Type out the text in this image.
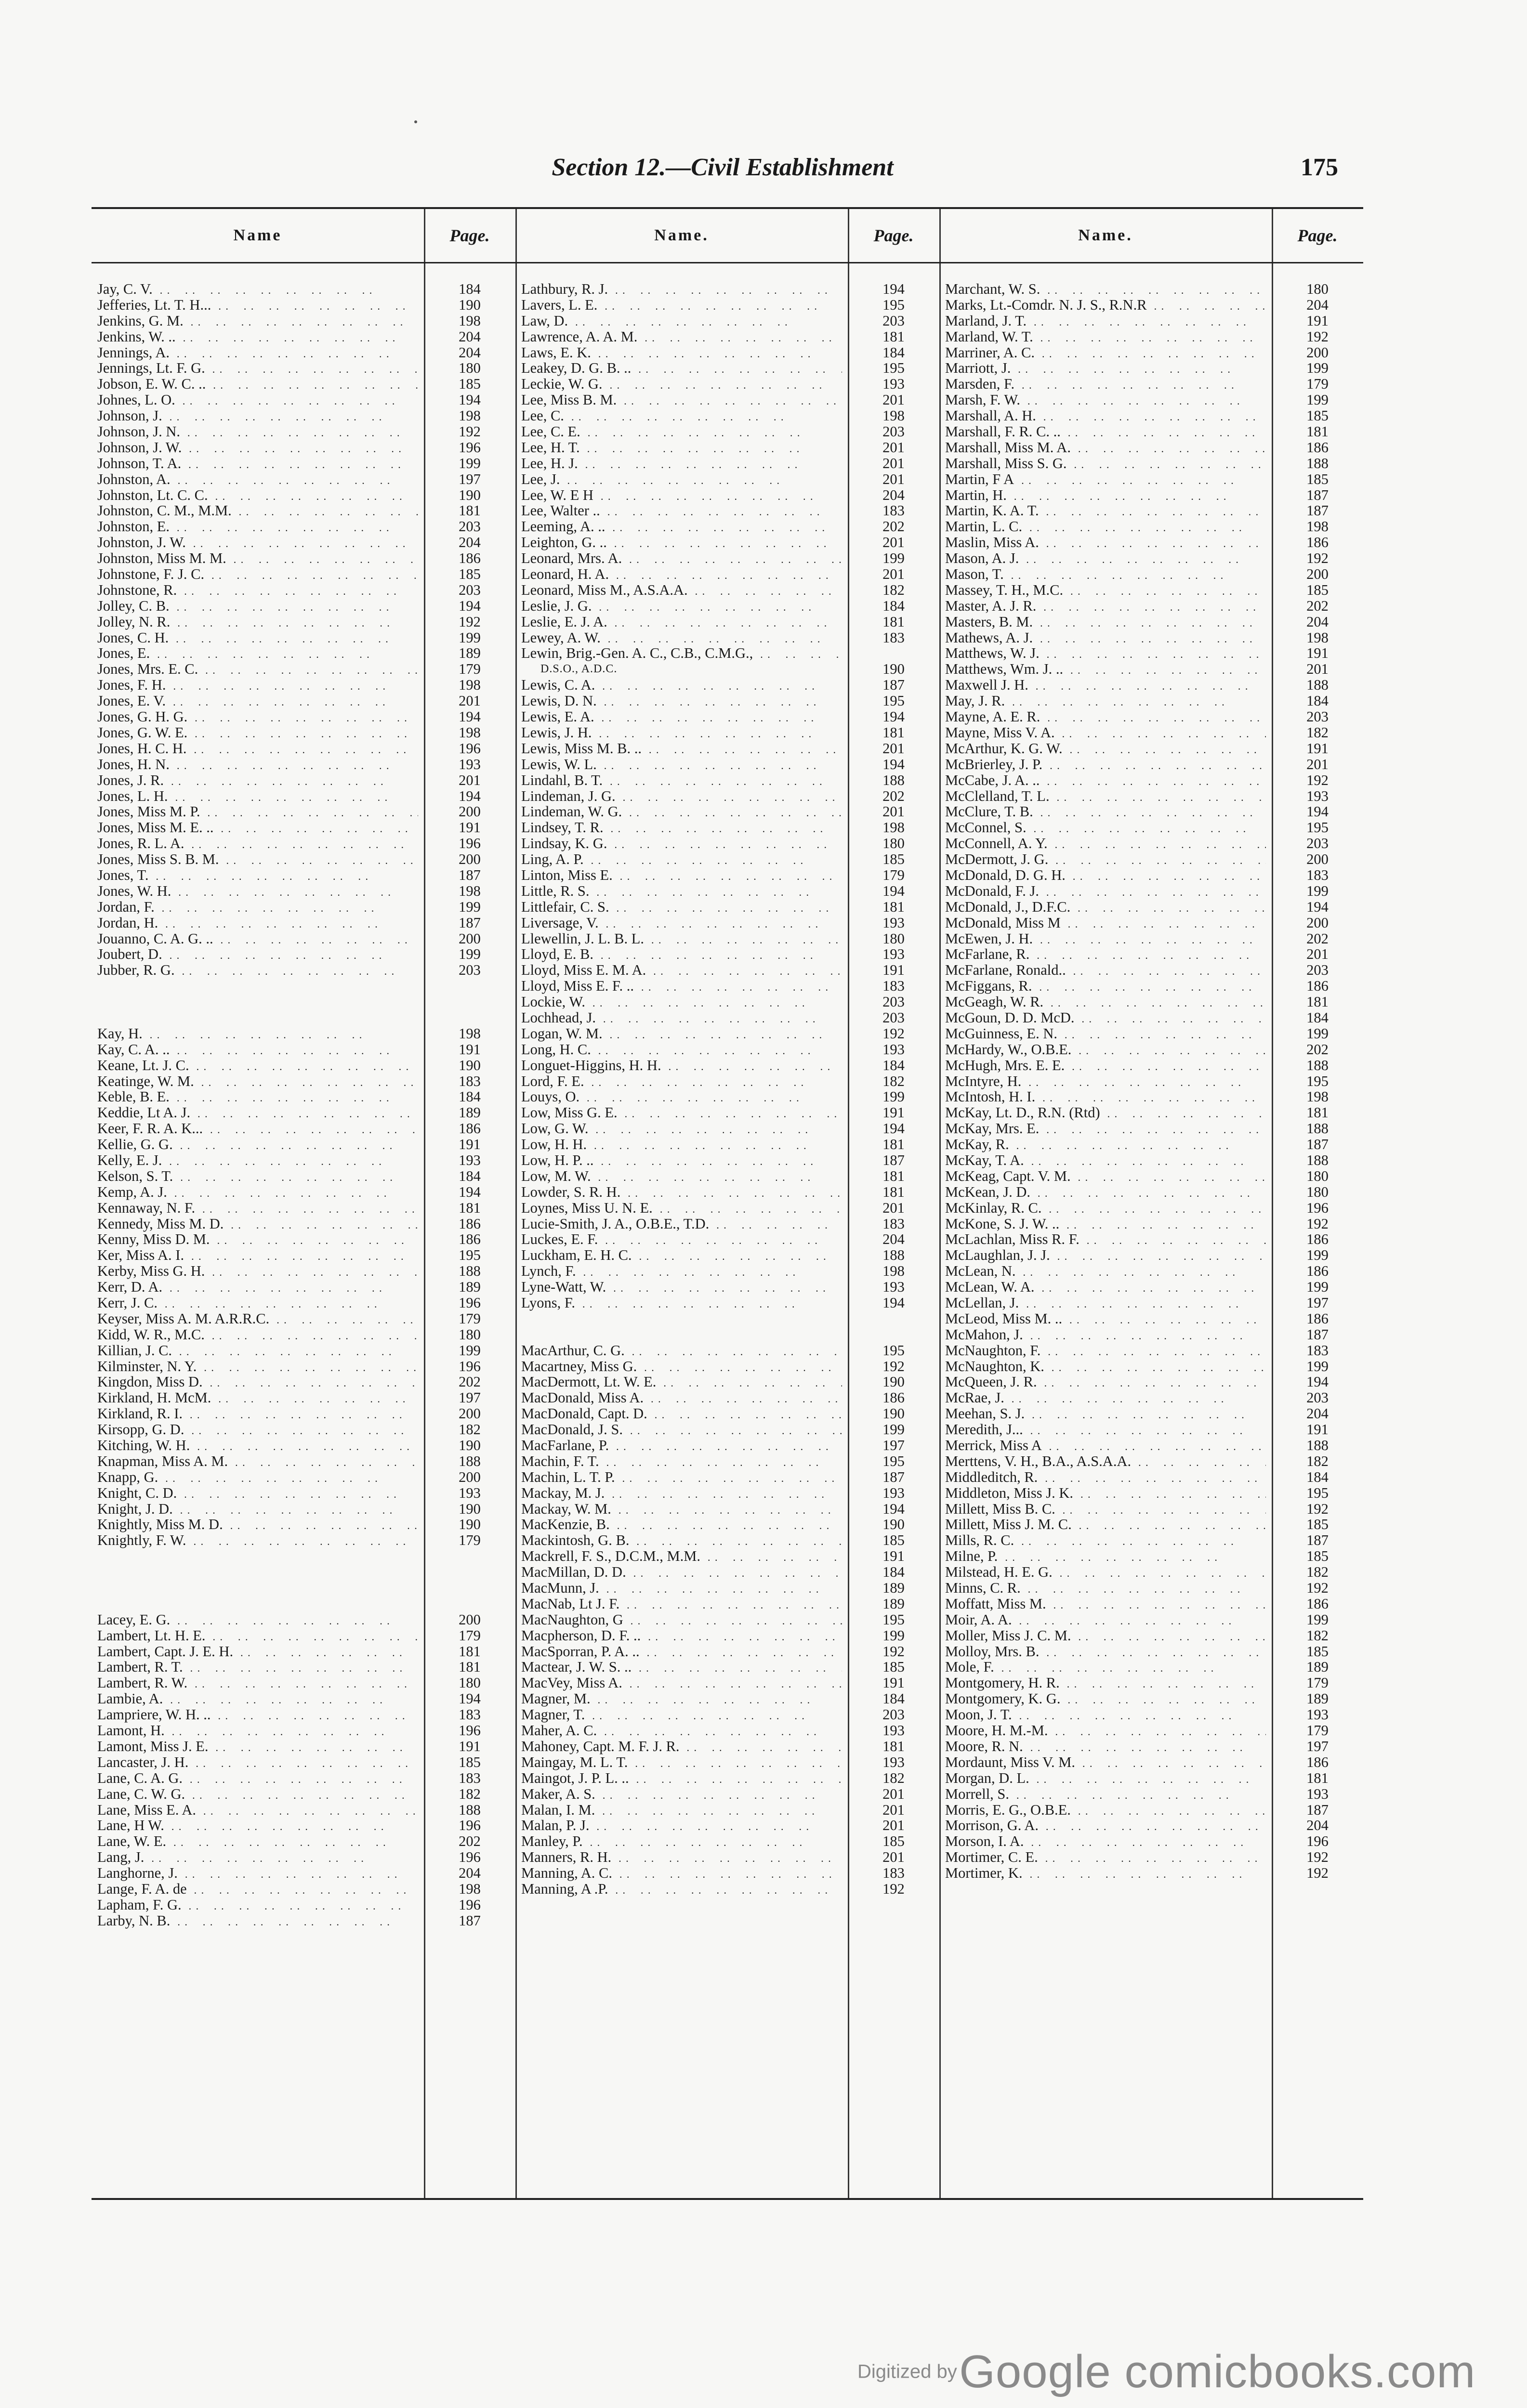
Section 12.—Civil Establishment	175
Name	Page.
Jay, C. V. . .	184
Jefferies, Lt. T. H... . .	190
Jenkins, G. M. . .	198
Jenkins, W. .. . .	204
Jennings, A. . .	204
Jennings, Lt. F. G. . .	180
Jobson, E. W. C. .. . .	185
Johnes, L. O. . .	194
Johnson, J. . .	198
Johnson, J. N. . .	192
Johnson, J. W. . .	196
Johnson, T. A. . .	199
Johnston, A. . .	197
Johnston, Lt. C. C. . .	190
Johnston, C. M., M.M. . .	181
Johnston, E. . .	203
Johnston, J. W. . .	204
Johnston, Miss M. M. . .	186
Johnstone, F. J. C. . .	185
Johnstone, R. . .	203
Jolley, C. B. . .	194
Jolley, N. R. . .	192
Jones, C. H. . .	199
Jones, E. . .	189
Jones, Mrs. E. C. . .	179
Jones, F. H. . .	198
Jones, E. V. . .	201
Jones, G. H. G. . .	194
Jones, G. W. E. . .	198
Jones, H. C. H. . .	196
Jones, H. N. . .	193
Jones, J. R. . .	201
Jones, L. H. . .	194
Jones, Miss M. P. . .	200
Jones, Miss M. E. .. . .	191
Jones, R. L. A. . .	196
Jones, Miss S. B. M. . .	200
Jones, T. . .	187
Jones, W. H. . .	198
Jordan, F. . .	199
Jordan, H. . .	187
Jouanno, C. A. G. .. . .	200
Joubert, D. . .	199
Jubber, R. G. . .	203
Kay, H. . .	198
Kay, C. A. .. . .	191
Keane, Lt. J. C. . .	190
Keatinge, W. M. . .	183
Keble, B. E. . .	184
Keddie, Lt A. J. . .	189
Keer, F. R. A. K... . .	186
Kellie, G. G. . .	191
Kelly, E. J. . .	193
Kelson, S. T. . .	184
Kemp, A. J. . .	194
Kennaway, N. F. . .	181
Kennedy, Miss M. D. . .	186
Kenny, Miss D. M. . .	186
Ker, Miss A. I. . .	195
Kerby, Miss G. H. . .	188
Kerr, D. A. . .	189
Kerr, J. C. . .	196
Keyser, Miss A. M. A.R.R.C. . .	179
Kidd, W. R., M.C. . .	180
Killian, J. C. . .	199
Kilminster, N. Y. . .	196
Kingdon, Miss D. . .	202
Kirkland, H. McM. . .	197
Kirkland, R. I. . .	200
Kirsopp, G. D. . .	182
Kitching, W. H. . .	190
Knapman, Miss A. M. . .	188
Knapp, G. . .	200
Knight, C. D. . .	193
Knight, J. D. . .	190
Knightly, Miss M. D. . .	190
Knightly, F. W. . .	179
Lacey, E. G. . .	200
Lambert, Lt. H. E. . .	179
Lambert, Capt. J. E. H. . .	181
Lambert, R. T. . .	181
Lambert, R. W. . .	180
Lambie, A. . .	194
Lampriere, W. H. .. . .	183
Lamont, H. . .	196
Lamont, Miss J. E. . .	191
Lancaster, J. H. . .	185
Lane, C. A. G. . .	183
Lane, C. W. G. . .	182
Lane, Miss E. A. . .	188
Lane, H W. . .	196
Lane, W. E. . .	202
Lang, J. . .	196
Langhorne, J. . .	204
Lange, F. A. de . .	198
Lapham, F. G. . .	196
Larby, N. B. . .	187
Name.	Page.
Lathbury, R. J. . .	194
Lavers, L. E. . .	195
Law, D. . .	203
Lawrence, A. A. M. . .	181
Laws, E. K. . .	184
Leakey, D. G. B. .. . .	195
Leckie, W. G. . .	193
Lee, Miss B. M. . .	201
Lee, C. . .	198
Lee, C. E. . .	203
Lee, H. T. . .	201
Lee, H. J. . .	201
Lee, J. . .	201
Lee, W. E H . .	204
Lee, Walter .. . .	183
Leeming, A. .. . .	202
Leighton, G. .. . .	201
Leonard, Mrs. A. . .	199
Leonard, H. A. . .	201
Leonard, Miss M., A.S.A.A. . .	182
Leslie, J. G. . .	184
Leslie, E. J. A. . .	181
Lewey, A. W. . .	183
Lewin, Brig.-Gen. A. C., C.B., C.M.G., . .
D.S.O., A.D.C.	190
Lewis, C. A. . .	187
Lewis, D. N. . .	195
Lewis, E. A. . .	194
Lewis, J. H. . .	181
Lewis, Miss M. B. .. . .	201
Lewis, W. L. . .	194
Lindahl, B. T. . .	188
Lindeman, J. G. . .	202
Lindeman, W. G. . .	201
Lindsey, T. R. . .	198
Lindsay, K. G. . .	180
Ling, A. P. . .	185
Linton, Miss E. . .	179
Little, R. S. . .	194
Littlefair, C. S. . .	181
Liversage, V. . .	193
Llewellin, J. L. B. L. . .	180
Lloyd, E. B. . .	193
Lloyd, Miss E. M. A. . .	191
Lloyd, Miss E. F. .. . .	183
Lockie, W. . .	203
Lochhead, J. . .	203
Logan, W. M. . .	192
Long, H. C. . .	193
Longuet-Higgins, H. H. . .	184
Lord, F. E. . .	182
Louys, O. . .	199
Low, Miss G. E. . .	191
Low, G. W. . .	194
Low, H. H. . .	181
Low, H. P. .. . .	187
Low, M. W. . .	181
Lowder, S. R. H. . .	181
Loynes, Miss U. N. E. . .	201
Lucie-Smith, J. A., O.B.E., T.D. . .	183
Luckes, E. F. . .	204
Luckham, E. H. C. . .	188
Lynch, F. . .	198
Lyne-Watt, W. . .	193
Lyons, F. . .	194
MacArthur, C. G. . .	195
Macartney, Miss G. . .	192
MacDermott, Lt. W. E. . .	190
MacDonald, Miss A. . .	186
MacDonald, Capt. D. . .	190
MacDonald, J. S. . .	199
MacFarlane, P. . .	197
Machin, F. T. . .	195
Machin, L. T. P. . .	187
Mackay, M. J. . .	193
Mackay, W. M. . .	194
MacKenzie, B. . .	190
Mackintosh, G. B. . .	185
Mackrell, F. S., D.C.M., M.M. . .	191
MacMillan, D. D. . .	184
MacMunn, J. . .	189
MacNab, Lt J. F. . .	189
MacNaughton, G . .	195
Macpherson, D. F. .. . .	199
MacSporran, P. A. .. . .	192
Mactear, J. W. S. .. . .	185
MacVey, Miss A. . .	191
Magner, M. . .	184
Magner, T. . .	203
Maher, A. C. . .	193
Mahoney, Capt. M. F. J. R. . .	181
Maingay, M. L. T. . .	193
Maingot, J. P. L. .. . .	182
Maker, A. S. . .	201
Malan, I. M. . .	201
Malan, P. J. . .	201
Manley, P. . .	185
Manners, R. H. . .	201
Manning, A. C. . .	183
Manning, A .P. . .	192
Name.	Page.
Marchant, W. S. . .	180
Marks, Lt.-Comdr. N. J. S., R.N.R . .	204
Marland, J. T. . .	191
Marland, W. T. . .	192
Marriner, A. C. . .	200
Marriott, J. . .	199
Marsden, F. . .	179
Marsh, F. W. . .	199
Marshall, A. H. . .	185
Marshall, F. R. C. .. . .	181
Marshall, Miss M. A. . .	186
Marshall, Miss S. G. . .	188
Martin, F A . .	185
Martin, H. . .	187
Martin, K. A. T. . .	187
Martin, L. C. . .	198
Maslin, Miss A. . .	186
Mason, A. J. . .	192
Mason, T. . .	200
Massey, T. H., M.C. . .	185
Master, A. J. R. . .	202
Masters, B. M. . .	204
Mathews, A. J. . .	198
Matthews, W. J. . .	191
Matthews, Wm. J. .. . .	201
Maxwell J. H. . .	188
May, J. R. . .	184
Mayne, A. E. R. . .	203
Mayne, Miss V. A. . .	182
McArthur, K. G. W. . .	191
McBrierley, J. P. . .	201
McCabe, J. A. .. . .	192
McClelland, T. L. . .	193
McClure, T. B. . .	194
McConnel, S. . .	195
McConnell, A. Y. . .	203
McDermott, J. G. . .	200
McDonald, D. G. H. . .	183
McDonald, F. J. . .	199
McDonald, J., D.F.C. . .	194
McDonald, Miss M . .	200
McEwen, J. H. . .	202
McFarlane, R. . .	201
McFarlane, Ronald.. . .	203
McFiggans, R. . .	186
McGeagh, W. R. . .	181
McGoun, D. D. McD. . .	184
McGuinness, E. N. . .	199
McHardy, W., O.B.E. . .	202
McHugh, Mrs. E. E. . .	188
McIntyre, H. . .	195
McIntosh, H. I. . .	198
McKay, Lt. D., R.N. (Rtd) . .	181
McKay, Mrs. E. . .	188
McKay, R. . .	187
McKay, T. A. . .	188
McKeag, Capt. V. M. . .	180
McKean, J. D. . .	180
McKinlay, R. C. . .	196
McKone, S. J. W. .. . .	192
McLachlan, Miss R. F. . .	186
McLaughlan, J. J. . .	199
McLean, N. . .	186
McLean, W. A. . .	199
McLellan, J. . .	197
McLeod, Miss M. .. . .	186
McMahon, J. . .	187
McNaughton, F. . .	183
McNaughton, K. . .	199
McQueen, J. R. . .	194
McRae, J. . .	203
Meehan, S. J. . .	204
Meredith, J... . .	191
Merrick, Miss A . .	188
Merttens, V. H., B.A., A.S.A.A. . .	182
Middleditch, R. . .	184
Middleton, Miss J. K. . .	195
Millett, Miss B. C. . .	192
Millett, Miss J. M. C. . .	185
Mills, R. C. . .	187
Milne, P. . .	185
Milstead, H. E. G. . .	182
Minns, C. R. . .	192
Moffatt, Miss M. . .	186
Moir, A. A. . .	199
Moller, Miss J. C. M. . .	182
Molloy, Mrs. B. . .	185
Mole, F. . .	189
Montgomery, H. R. . .	179
Montgomery, K. G. . .	189
Moon, J. T. . .	193
Moore, H. M.-M. . .	179
Moore, R. N. . .	197
Mordaunt, Miss V. M. . .	186
Morgan, D. L. . .	181
Morrell, S. . .	193
Morris, E. G., O.B.E. . .	187
Morrison, G. A. . .	204
Morson, I. A. . .	196
Mortimer, C. E. . .	192
Mortimer, K. . .	192
Digitized by Google comicbooks.com
